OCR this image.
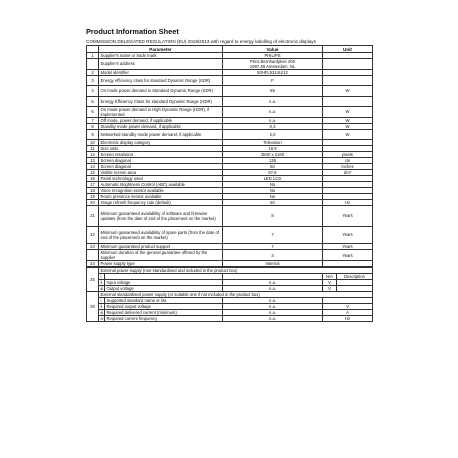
Product Information Sheet
COMMISSION DELEGATED REGULATION (EU) 2019/2013 with regard to energy labelling of electronic displays
	Parameter	Value	Unit
1	Supplier's name or trade mark	PHILIPS	
	Supplier's address	Prins Bernhardplein 200
1097 JB Amsterdam, NL	
2	Model identifier	50HFL5214U/12	
3	Energy efficiency class for standard Dynamic Range (SDR)	F	
4	On mode power demand in Standard Dynamic Range (SDR)	65	W
5	Energy Efficiency Class for standard Dynamic Range (HDR)	n.a.	
6	On mode power demand in High Dynamic Range (HDR), if implemented	n.a.	W
7	Off mode, power demand, if applicable	n.a.	W
8	Standby mode power demand, if applicable	0,3	W
9	Networked standby mode power demand, if applicable	2,0	W
10	Electronic display category	Television	
11	Size ratio	16:9	
12	Screen resolution	3840 x 2160	pixels
13	Screen diagonal	126	cm
14	Screen diagonal	50	Inches
15	Visible screen area	67,6	dm²
16	Panel technology used	LED LCD	
17	Automatic Brightness Control (ABC) available	No	
18	Voice recognition sensor available	No	
19	Room presence sensor available	No	
20	Image refresh frequency rate (default)	50	Hz
21	Minimum guaranteed availability of software and firmware updates (from the date of end of the placement on the market)	8	Years
22	Minimum guaranteed availability of spare parts (from the date of end of the placement on the market)	7	Years
23	Minimum guaranteed product support	7	Years
	Minimum duration of the general guarantee offered by the supplier	3	Years
24	Power supply type	Internal	
25	External power supply (non-standardised and included in the product box)				
	i			N/A	Description
	ii	Input voltage	n.a.	V	
	iii	Output voltage	n.a.	V	
26	External standardised power supply (or suitable one if not included in the product box)			
	i	Supported standard name or list	n.a.	
	ii	Required output voltage	n.a.	V
	iii	Required delivered current (minimum)	n.a.	A
	iv	Required current frequency	n.a.	Hz
